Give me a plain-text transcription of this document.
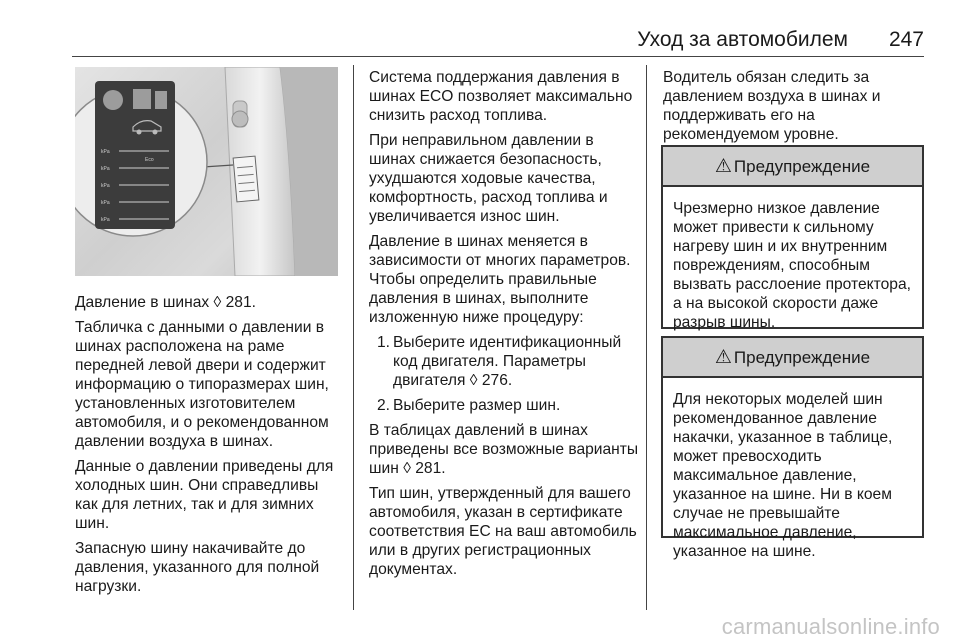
Уход за автомобилем	247
kPa
kPa
kPa
kPa
kPa
Eco

Давление в шинах ◊ 281.

Табличка с данными о давлении в шинах расположена на раме передней левой двери и содержит информацию о типоразмерах шин, установленных изготовителем автомобиля, и о рекомендованном давлении воздуха в шинах.

Данные о давлении приведены для холодных шин. Они справедливы как для летних, так и для зимних шин.

Запасную шину накачивайте до давления, указанного для полной нагрузки.

Система поддержания давления в шинах ECO позволяет максимально снизить расход топлива.

При неправильном давлении в шинах снижается безопасность, ухудшаются ходовые качества, комфортность, расход топлива и увеличивается износ шин.

Давление в шинах меняется в зависимости от многих параметров. Чтобы определить правильные давления в шинах, выполните изложенную ниже процедуру:

1. Выберите идентификационный код двигателя. Параметры двигателя ◊ 276.
2. Выберите размер шин.

В таблицах давлений в шинах приведены все возможные варианты шин ◊ 281.

Тип шин, утвержденный для вашего автомобиля, указан в сертификате соответствия ЕС на ваш автомобиль или в других регистрационных документах.

Водитель обязан следить за давлением воздуха в шинах и поддерживать его на рекомендуемом уровне.

⚠ Предупреждение
Чрезмерно низкое давление может привести к сильному нагреву шин и их внутренним повреждениям, способным вызвать расслоение протектора, а на высокой скорости даже разрыв шины.
⚠ Предупреждение
Для некоторых моделей шин рекомендованное давление накачки, указанное в таблице, может превосходить максимальное давление, указанное на шине. Ни в коем случае не превышайте максимальное давление, указанное на шине.
carmanualsonline.info
